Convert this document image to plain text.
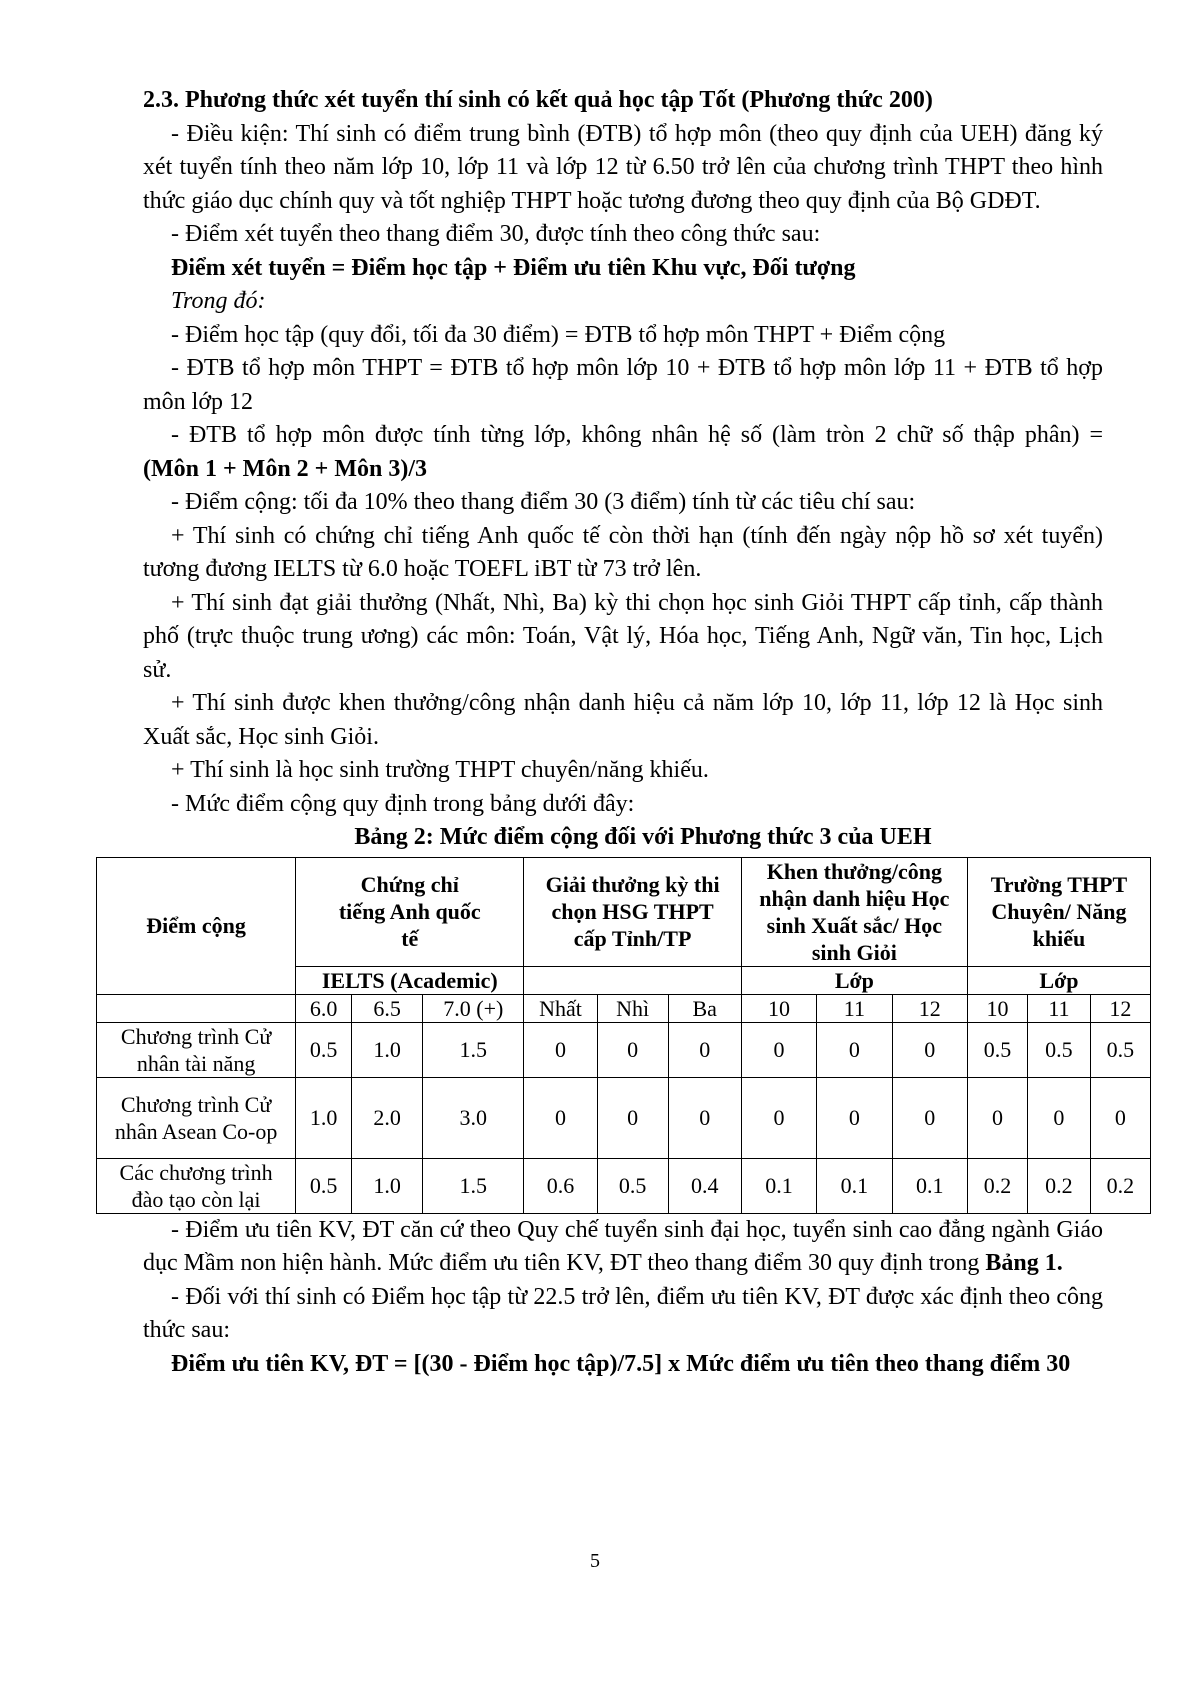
2.3. Phương thức xét tuyển thí sinh có kết quả học tập Tốt (Phương thức 200)

- Điều kiện: Thí sinh có điểm trung bình (ĐTB) tổ hợp môn (theo quy định của UEH) đăng ký xét tuyển tính theo năm lớp 10, lớp 11 và lớp 12 từ 6.50 trở lên của chương trình THPT theo hình thức giáo dục chính quy và tốt nghiệp THPT hoặc tương đương theo quy định của Bộ GDĐT.

- Điểm xét tuyển theo thang điểm 30, được tính theo công thức sau:

Điểm xét tuyển = Điểm học tập + Điểm ưu tiên Khu vực, Đối tượng

Trong đó:

- Điểm học tập (quy đổi, tối đa 30 điểm) = ĐTB tổ hợp môn THPT + Điểm cộng

- ĐTB tổ hợp môn THPT = ĐTB tổ hợp môn lớp 10 + ĐTB tổ hợp môn lớp 11 + ĐTB tổ hợp môn lớp 12

- ĐTB tổ hợp môn được tính từng lớp, không nhân hệ số (làm tròn 2 chữ số thập phân) =

(Môn 1 + Môn 2 + Môn 3)/3

- Điểm cộng: tối đa 10% theo thang điểm 30 (3 điểm) tính từ các tiêu chí sau:

+ Thí sinh có chứng chỉ tiếng Anh quốc tế còn thời hạn (tính đến ngày nộp hồ sơ xét tuyển) tương đương IELTS từ 6.0 hoặc TOEFL iBT từ 73 trở lên.

+ Thí sinh đạt giải thưởng (Nhất, Nhì, Ba) kỳ thi chọn học sinh Giỏi THPT cấp tỉnh, cấp thành phố (trực thuộc trung ương) các môn: Toán, Vật lý, Hóa học, Tiếng Anh, Ngữ văn, Tin học, Lịch sử.

+ Thí sinh được khen thưởng/công nhận danh hiệu cả năm lớp 10, lớp 11, lớp 12 là Học sinh Xuất sắc, Học sinh Giỏi.

+ Thí sinh là học sinh trường THPT chuyên/năng khiếu.

- Mức điểm cộng quy định trong bảng dưới đây:

Bảng 2: Mức điểm cộng đối với Phương thức 3 của UEH

Điểm cộng	Chứng chỉ tiếng Anh quốc tế			Giải thưởng kỳ thi chọn HSG THPT cấp Tỉnh/TP			Khen thưởng/công nhận danh hiệu Học sinh Xuất sắc/ Học sinh Giỏi			Trường THPT Chuyên/ Năng khiếu		
	IELTS (Academic)						Lớp			Lớp		
	6.0	6.5	7.0 (+)	Nhất	Nhì	Ba	10	11	12	10	11	12
Chương trình Cử nhân tài năng	0.5	1.0	1.5	0	0	0	0	0	0	0.5	0.5	0.5
Chương trình Cử nhân Asean Co-op	1.0	2.0	3.0	0	0	0	0	0	0	0	0	0
Các chương trình đào tạo còn lại	0.5	1.0	1.5	0.6	0.5	0.4	0.1	0.1	0.1	0.2	0.2	0.2

- Điểm ưu tiên KV, ĐT căn cứ theo Quy chế tuyển sinh đại học, tuyển sinh cao đẳng ngành Giáo dục Mầm non hiện hành. Mức điểm ưu tiên KV, ĐT theo thang điểm 30 quy định trong Bảng 1.

- Đối với thí sinh có Điểm học tập từ 22.5 trở lên, điểm ưu tiên KV, ĐT được xác định theo công thức sau:

Điểm ưu tiên KV, ĐT = [(30 - Điểm học tập)/7.5] x Mức điểm ưu tiên theo thang điểm 30

5
